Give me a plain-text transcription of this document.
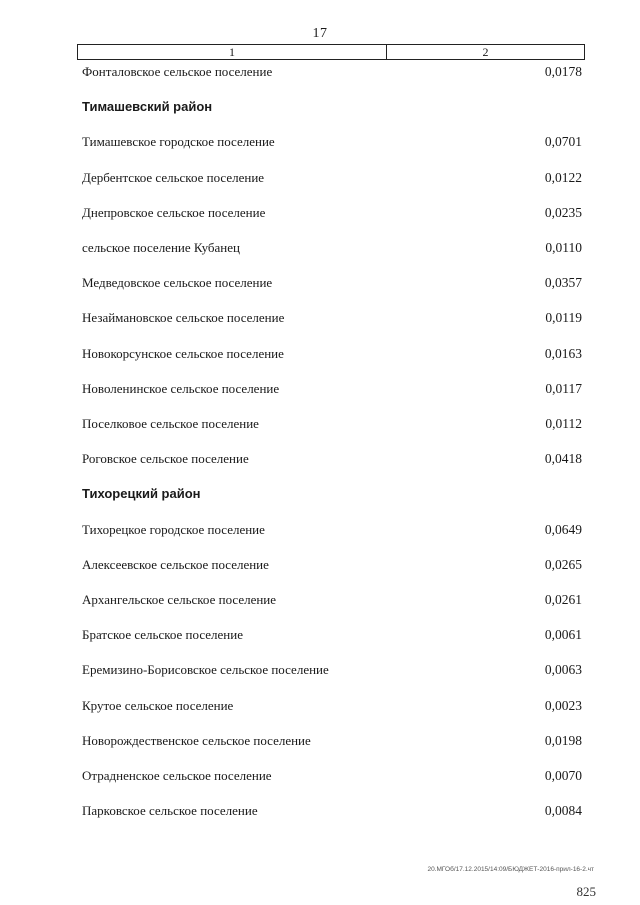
17
1	2
Фонталовское сельское поселение	0,0178
Тимашевский район
Тимашевское городское поселение	0,0701
Дербентское сельское поселение	0,0122
Днепровское сельское поселение	0,0235
сельское поселение Кубанец	0,0110
Медведовское сельское поселение	0,0357
Незаймановское сельское поселение	0,0119
Новокорсунское сельское поселение	0,0163
Новоленинское сельское поселение	0,0117
Поселковое сельское поселение	0,0112
Роговское сельское поселение	0,0418
Тихорецкий район
Тихорецкое городское поселение	0,0649
Алексеевское сельское поселение	0,0265
Архангельское сельское поселение	0,0261
Братское сельское поселение	0,0061
Еремизино-Борисовское сельское поселение	0,0063
Крутое сельское поселение	0,0023
Новорождественское сельское поселение	0,0198
Отрадненское сельское поселение	0,0070
Парковское сельское поселение	0,0084
20.МГОб/17.12.2015/14:09/БЮДЖЕТ-2016-прил-16-2.чт
825
